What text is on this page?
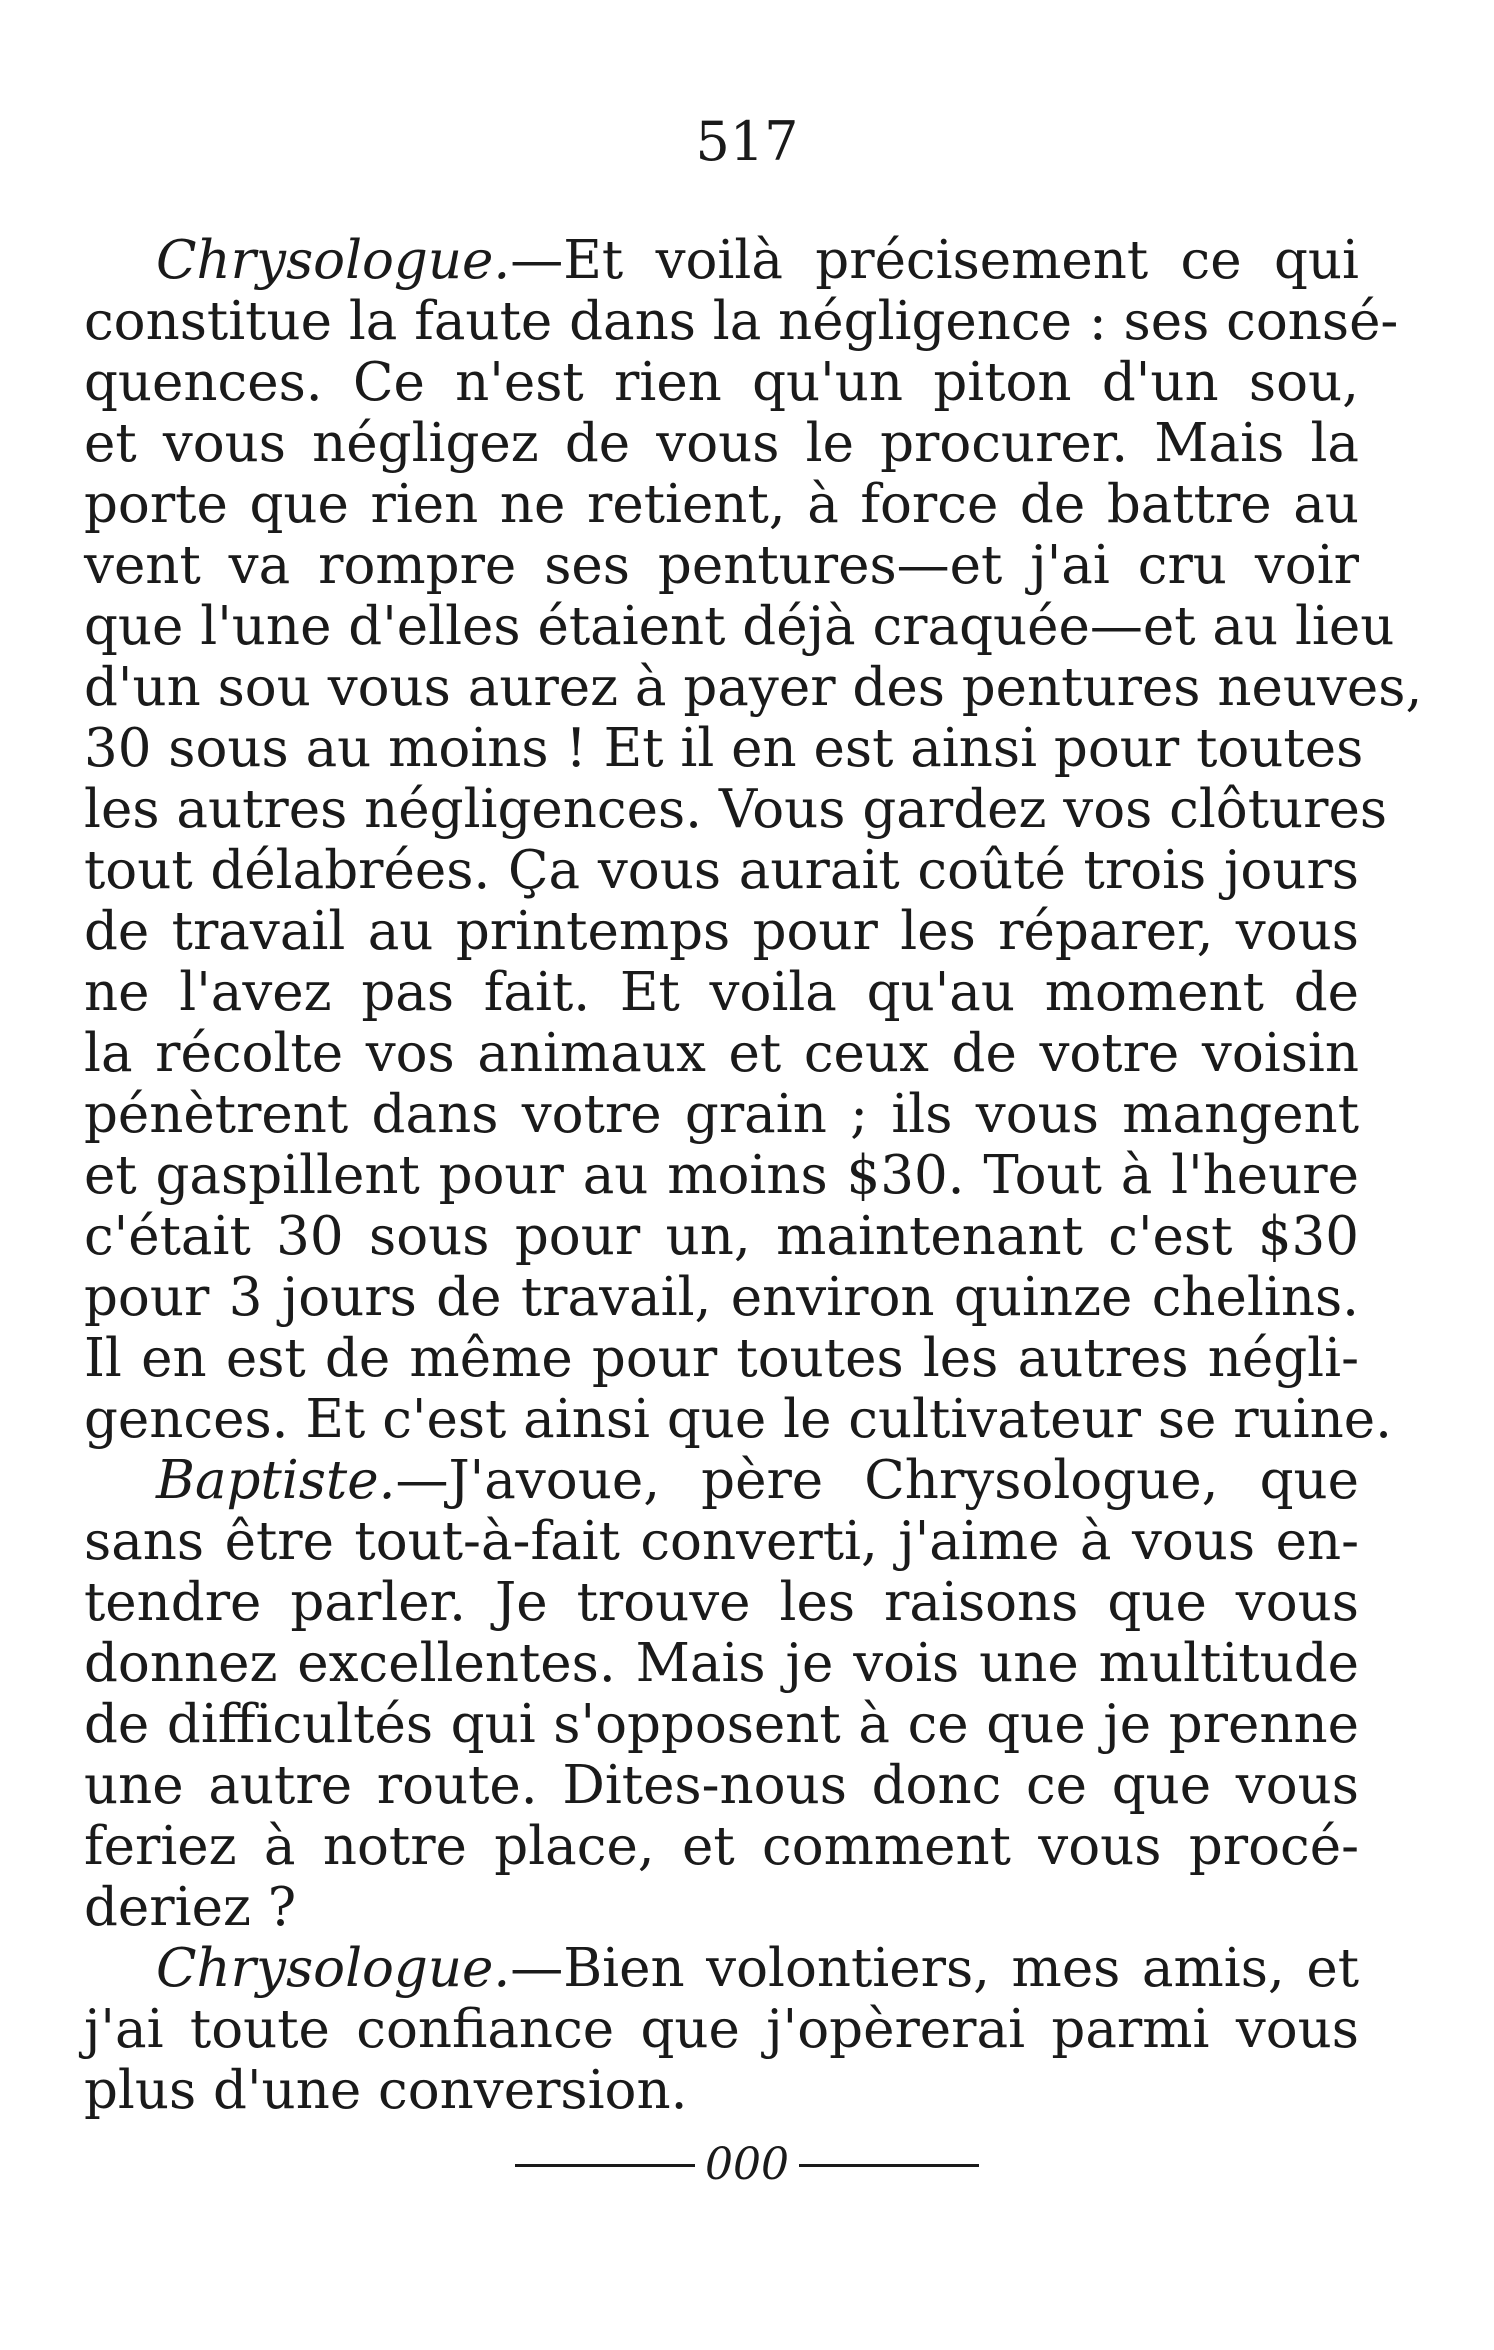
517
Chrysologue.—Et voilà précisement ce qui
constitue la faute dans la négligence : ses consé-
quences. Ce n'est rien qu'un piton d'un sou,
et vous négligez de vous le procurer. Mais la
porte que rien ne retient, à force de battre au
vent va rompre ses pentures—et j'ai cru voir
que l'une d'elles étaient déjà craquée—et au lieu
d'un sou vous aurez à payer des pentures neuves,
30 sous au moins ! Et il en est ainsi pour toutes
les autres négligences. Vous gardez vos clôtures
tout délabrées. Ça vous aurait coûté trois jours
de travail au printemps pour les réparer, vous
ne l'avez pas fait. Et voila qu'au moment de
la récolte vos animaux et ceux de votre voisin
pénètrent dans votre grain ; ils vous mangent
et gaspillent pour au moins $30. Tout à l'heure
c'était 30 sous pour un, maintenant c'est $30
pour 3 jours de travail, environ quinze chelins.
Il en est de même pour toutes les autres négli-
gences. Et c'est ainsi que le cultivateur se ruine.
Baptiste.—J'avoue, père Chrysologue, que
sans être tout-à-fait converti, j'aime à vous en-
tendre parler. Je trouve les raisons que vous
donnez excellentes. Mais je vois une multitude
de difficultés qui s'opposent à ce que je prenne
une autre route. Dites-nous donc ce que vous
feriez à notre place, et comment vous procé-
deriez ?
Chrysologue.—Bien volontiers, mes amis, et
j'ai toute confiance que j'opèrerai parmi vous
plus d'une conversion.
000
